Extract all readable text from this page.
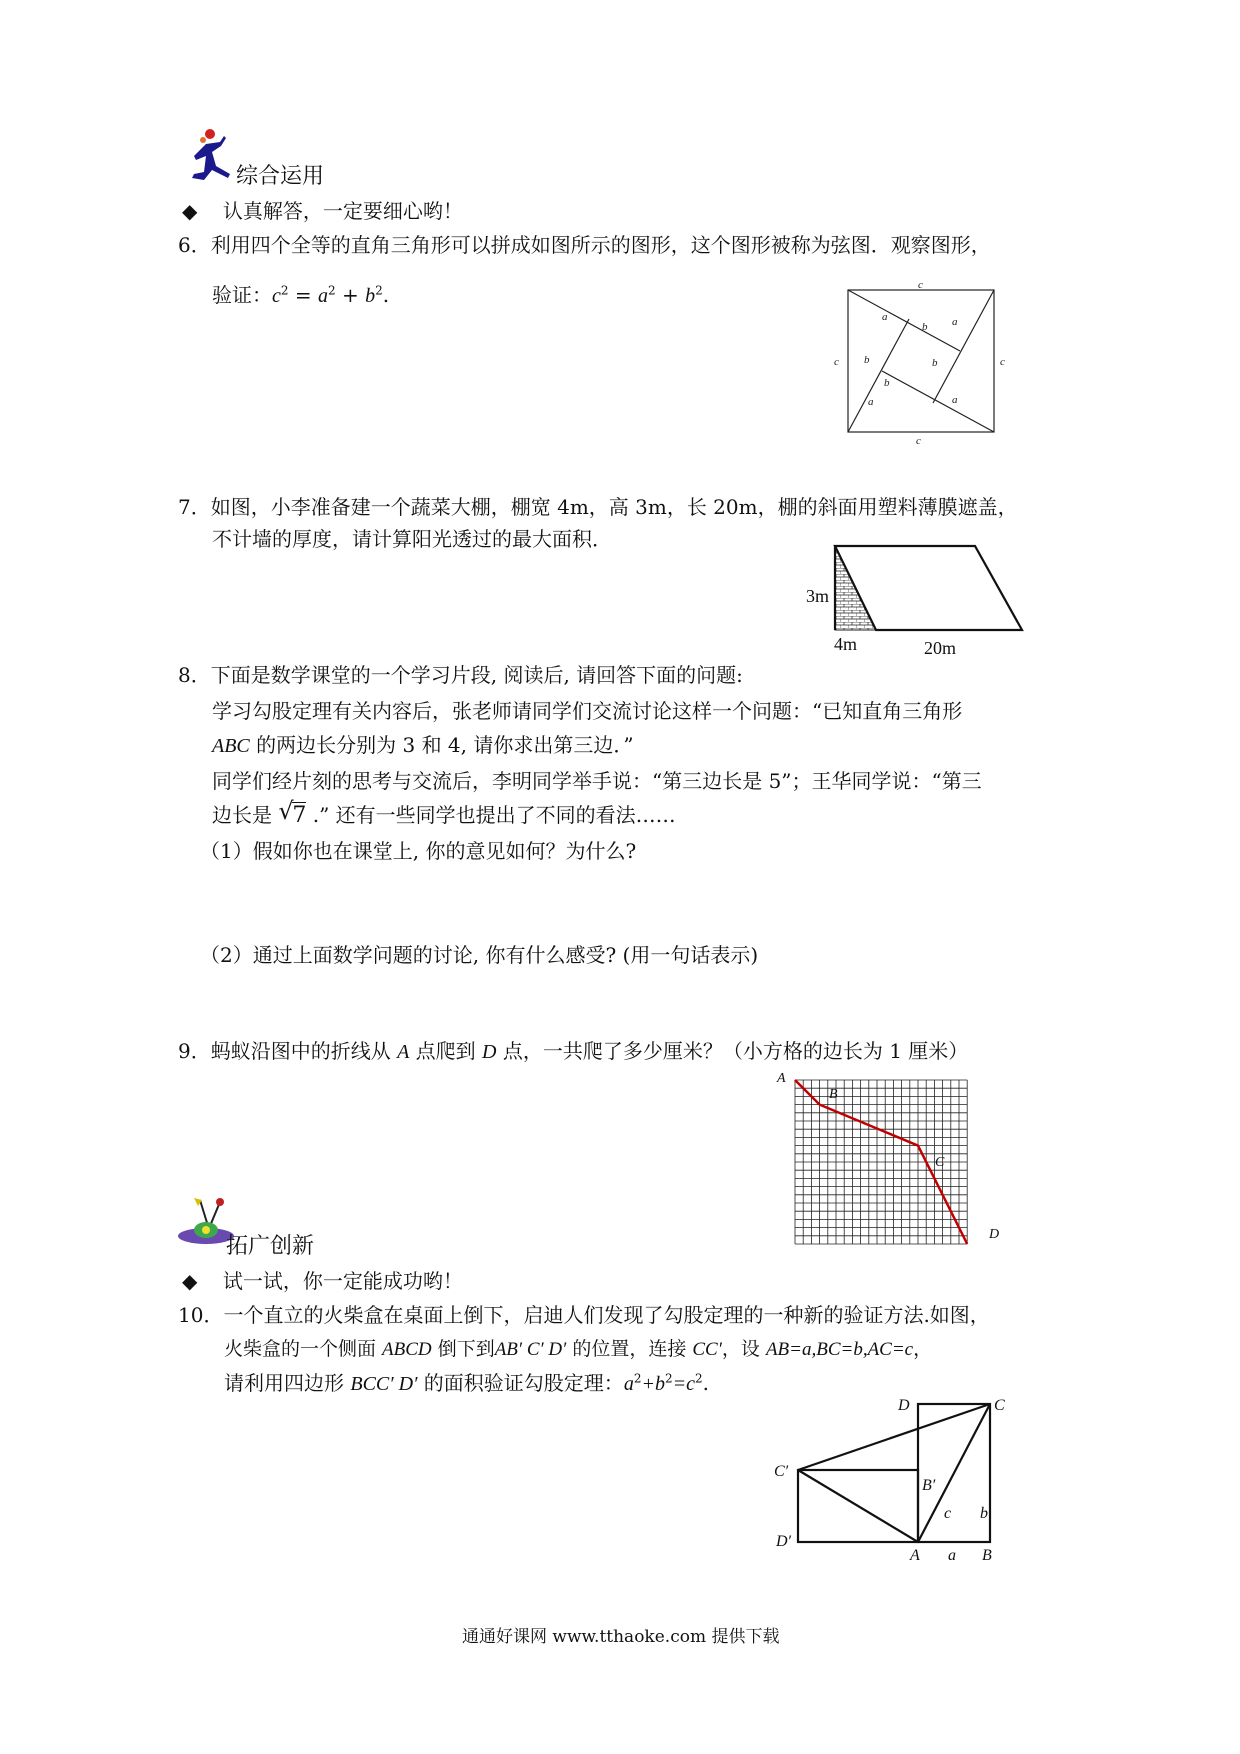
综合运用
◆ 认真解答，一定要细心哟！
6．利用四个全等的直角三角形可以拼成如图所示的图形，这个图形被称为弦图．观察图形，
验证：$c^2 = a^2 + b^2$.	c
c	c
c
a
b a
b	b
b
a	a
7．如图，小李准备建一个蔬菜大棚，棚宽 4m，高 3m，长 20m，棚的斜面用塑料薄膜遮盖，
不计墙的厚度，请计算阳光透过的最大面积．
3m
4m	20m
8．下面是数学课堂的一个学习片段, 阅读后, 请回答下面的问题:
学习勾股定理有关内容后，张老师请同学们交流讨论这样一个问题：“已知直角三角形
ABC 的两边长分别为 3 和 4, 请你求出第三边．”
同学们经片刻的思考与交流后，李明同学举手说：“第三边长是 5”；王华同学说：“第三
边长是 √
7 .” 还有一些同学也提出了不同的看法……
（1）假如你也在课堂上, 你的意见如何？为什么?
（2）通过上面数学问题的讨论, 你有什么感受? (用一句话表示)
9．蚂蚁沿图中的折线从 A 点爬到 D 点，一共爬了多少厘米？（小方格的边长为 1 厘米）
A
B
C
D
拓广创新
◆ 试一试，你一定能成功哟！
10．一个直立的火柴盒在桌面上倒下，启迪人们发现了勾股定理的一种新的验证方法.如图，
火柴盒的一个侧面 ABCD 倒下到AB′ C′ D′ 的位置，连接 CC′，设 AB=a,BC=b,AC=c，
请利用四边形 BCC′ D′ 的面积验证勾股定理：$a^2+b^2=c^2$.
D	C
C′
B′
b
c
D′
A a B
通通好课网 www.tthaoke.com 提供下载
